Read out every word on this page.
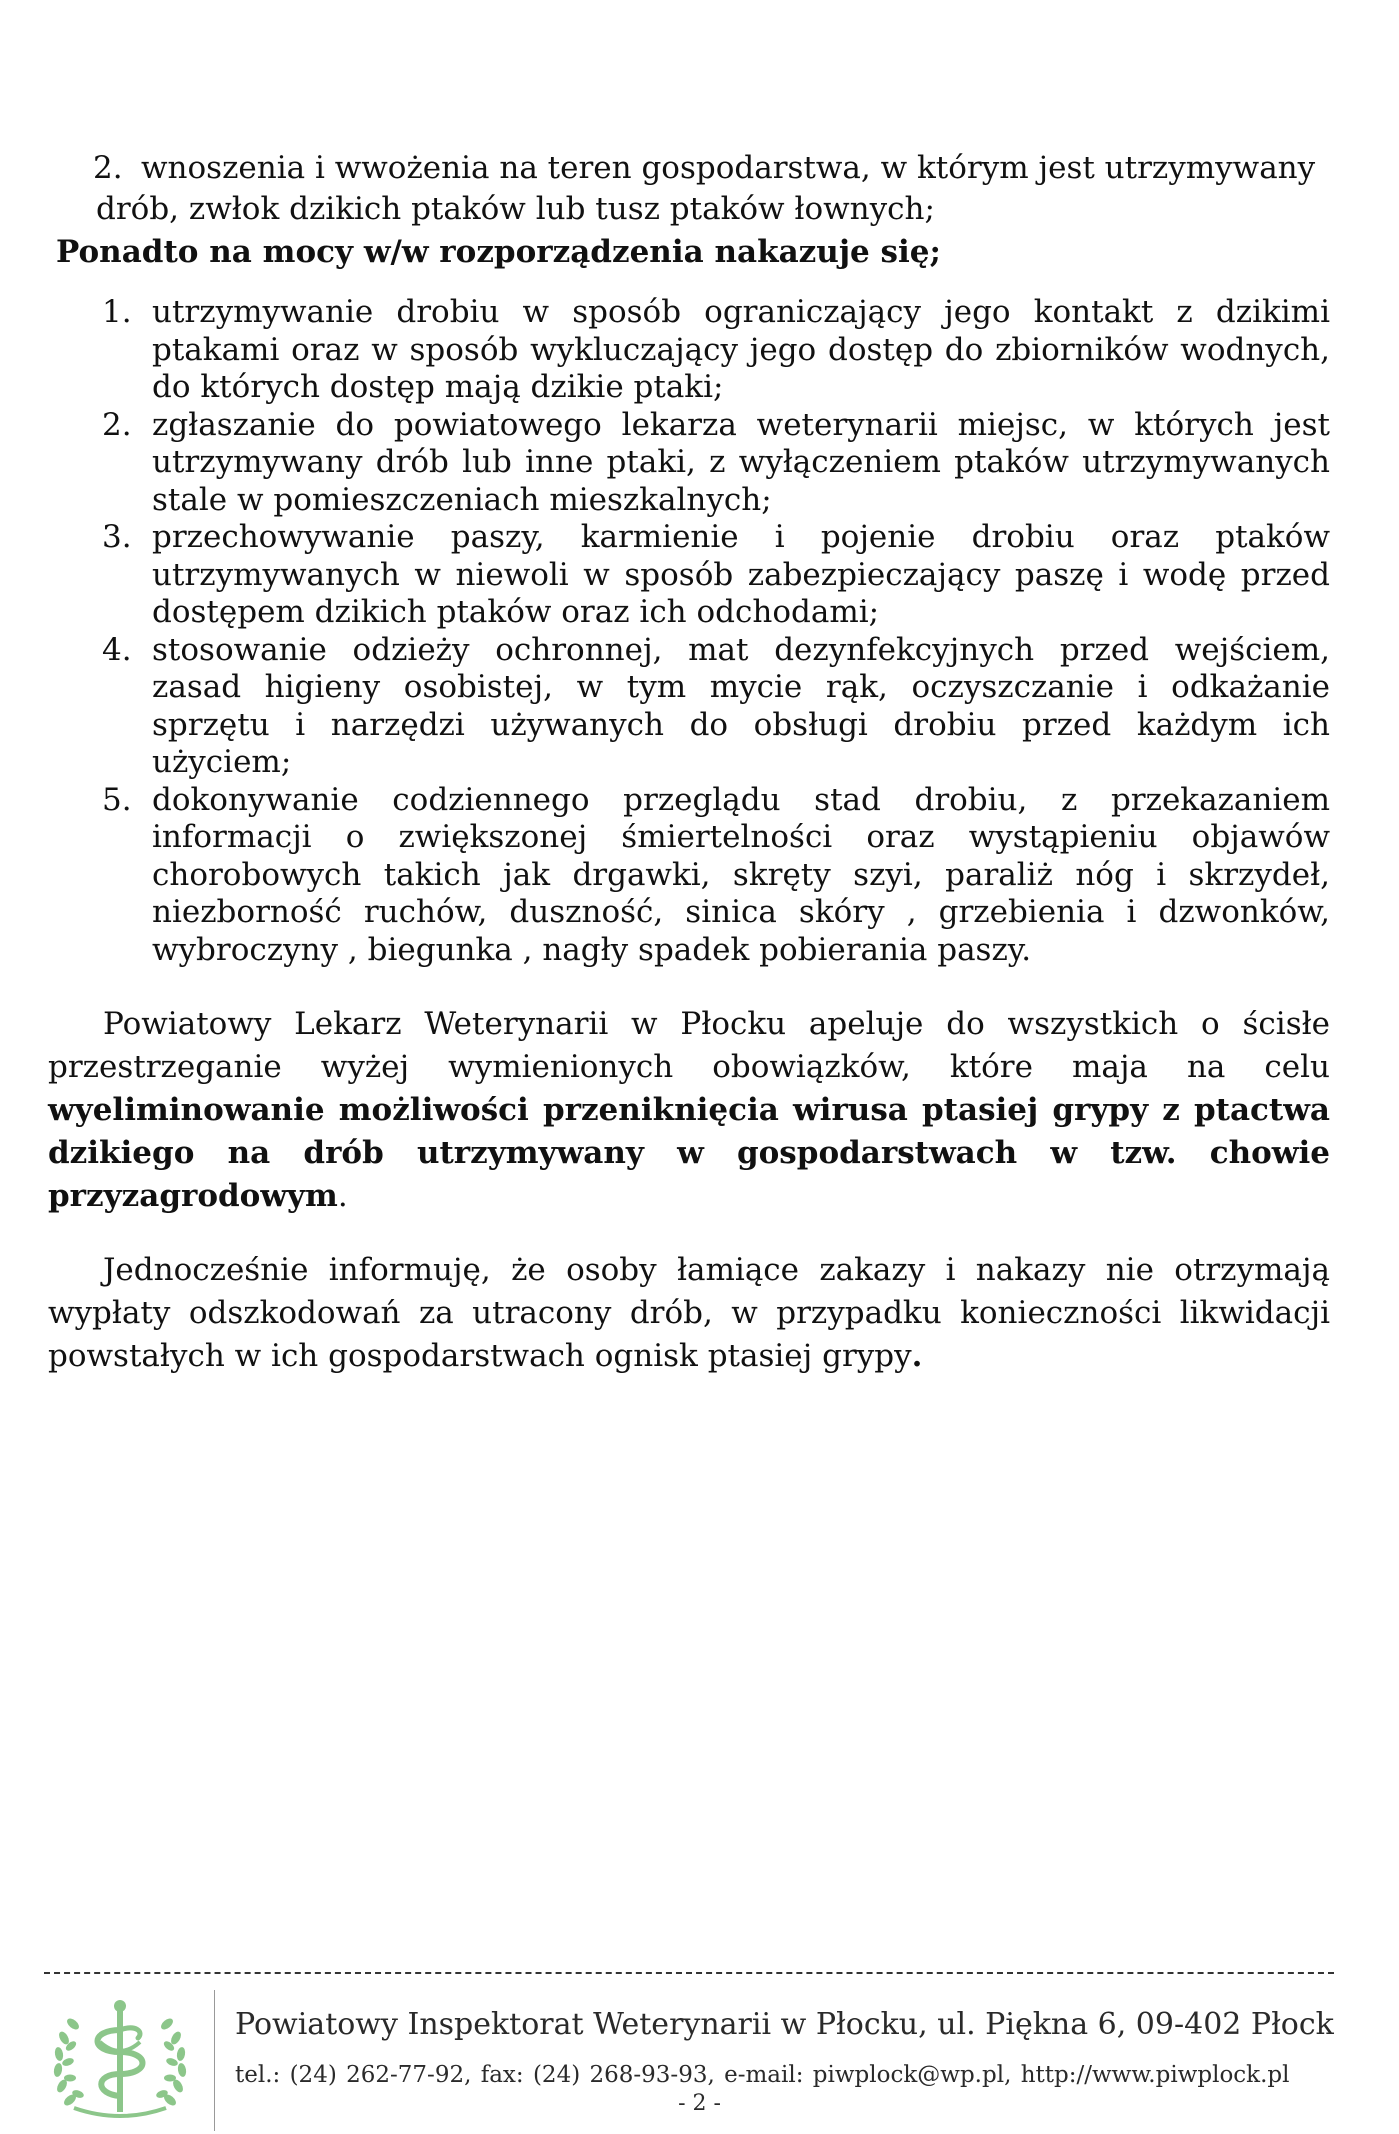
2. wnoszenia i wwożenia na teren gospodarstwa, w którym jest utrzymywany
drób, zwłok dzikich ptaków lub tusz ptaków łownych;
Ponadto na mocy w/w rozporządzenia nakazuje się;
1. utrzymywanie drobiu w sposób ograniczający jego kontakt z dzikimi ptakami oraz w sposób wykluczający jego dostęp do zbiorników wodnych, do których dostęp mają dzikie ptaki;
2. zgłaszanie do powiatowego lekarza weterynarii miejsc, w których jest utrzymywany drób lub inne ptaki, z wyłączeniem ptaków utrzymywanych stale w pomieszczeniach mieszkalnych;
3. przechowywanie paszy, karmienie i pojenie drobiu oraz ptaków utrzymywanych w niewoli w sposób zabezpieczający paszę i wodę przed dostępem dzikich ptaków oraz ich odchodami;
4. stosowanie odzieży ochronnej, mat dezynfekcyjnych przed wejściem, zasad higieny osobistej, w tym mycie rąk, oczyszczanie i odkażanie sprzętu i narzędzi używanych do obsługi drobiu przed każdym ich użyciem;
5. dokonywanie codziennego przeglądu stad drobiu, z przekazaniem informacji o zwiększonej śmiertelności oraz wystąpieniu objawów chorobowych takich jak drgawki, skręty szyi, paraliż nóg i skrzydeł, niezborność ruchów, duszność, sinica skóry , grzebienia i dzwonków, wybroczyny , biegunka , nagły spadek pobierania paszy.

Powiatowy Lekarz Weterynarii w Płocku apeluje do wszystkich o ścisłe przestrzeganie wyżej wymienionych obowiązków, które maja na celu wyeliminowanie możliwości przeniknięcia wirusa ptasiej grypy z ptactwa dzikiego na drób utrzymywany w gospodarstwach w tzw. chowie przyzagrodowym.

Jednocześnie informuję, że osoby łamiące zakazy i nakazy nie otrzymają wypłaty odszkodowań za utracony drób, w przypadku konieczności likwidacji powstałych w ich gospodarstwach ognisk ptasiej grypy.

Powiatowy Inspektorat Weterynarii w Płocku, ul. Piękna 6, 09-402 Płock
tel.: (24) 262-77-92, fax: (24) 268-93-93, e-mail: piwplock@wp.pl, http://www.piwplock.pl
- 2 -
